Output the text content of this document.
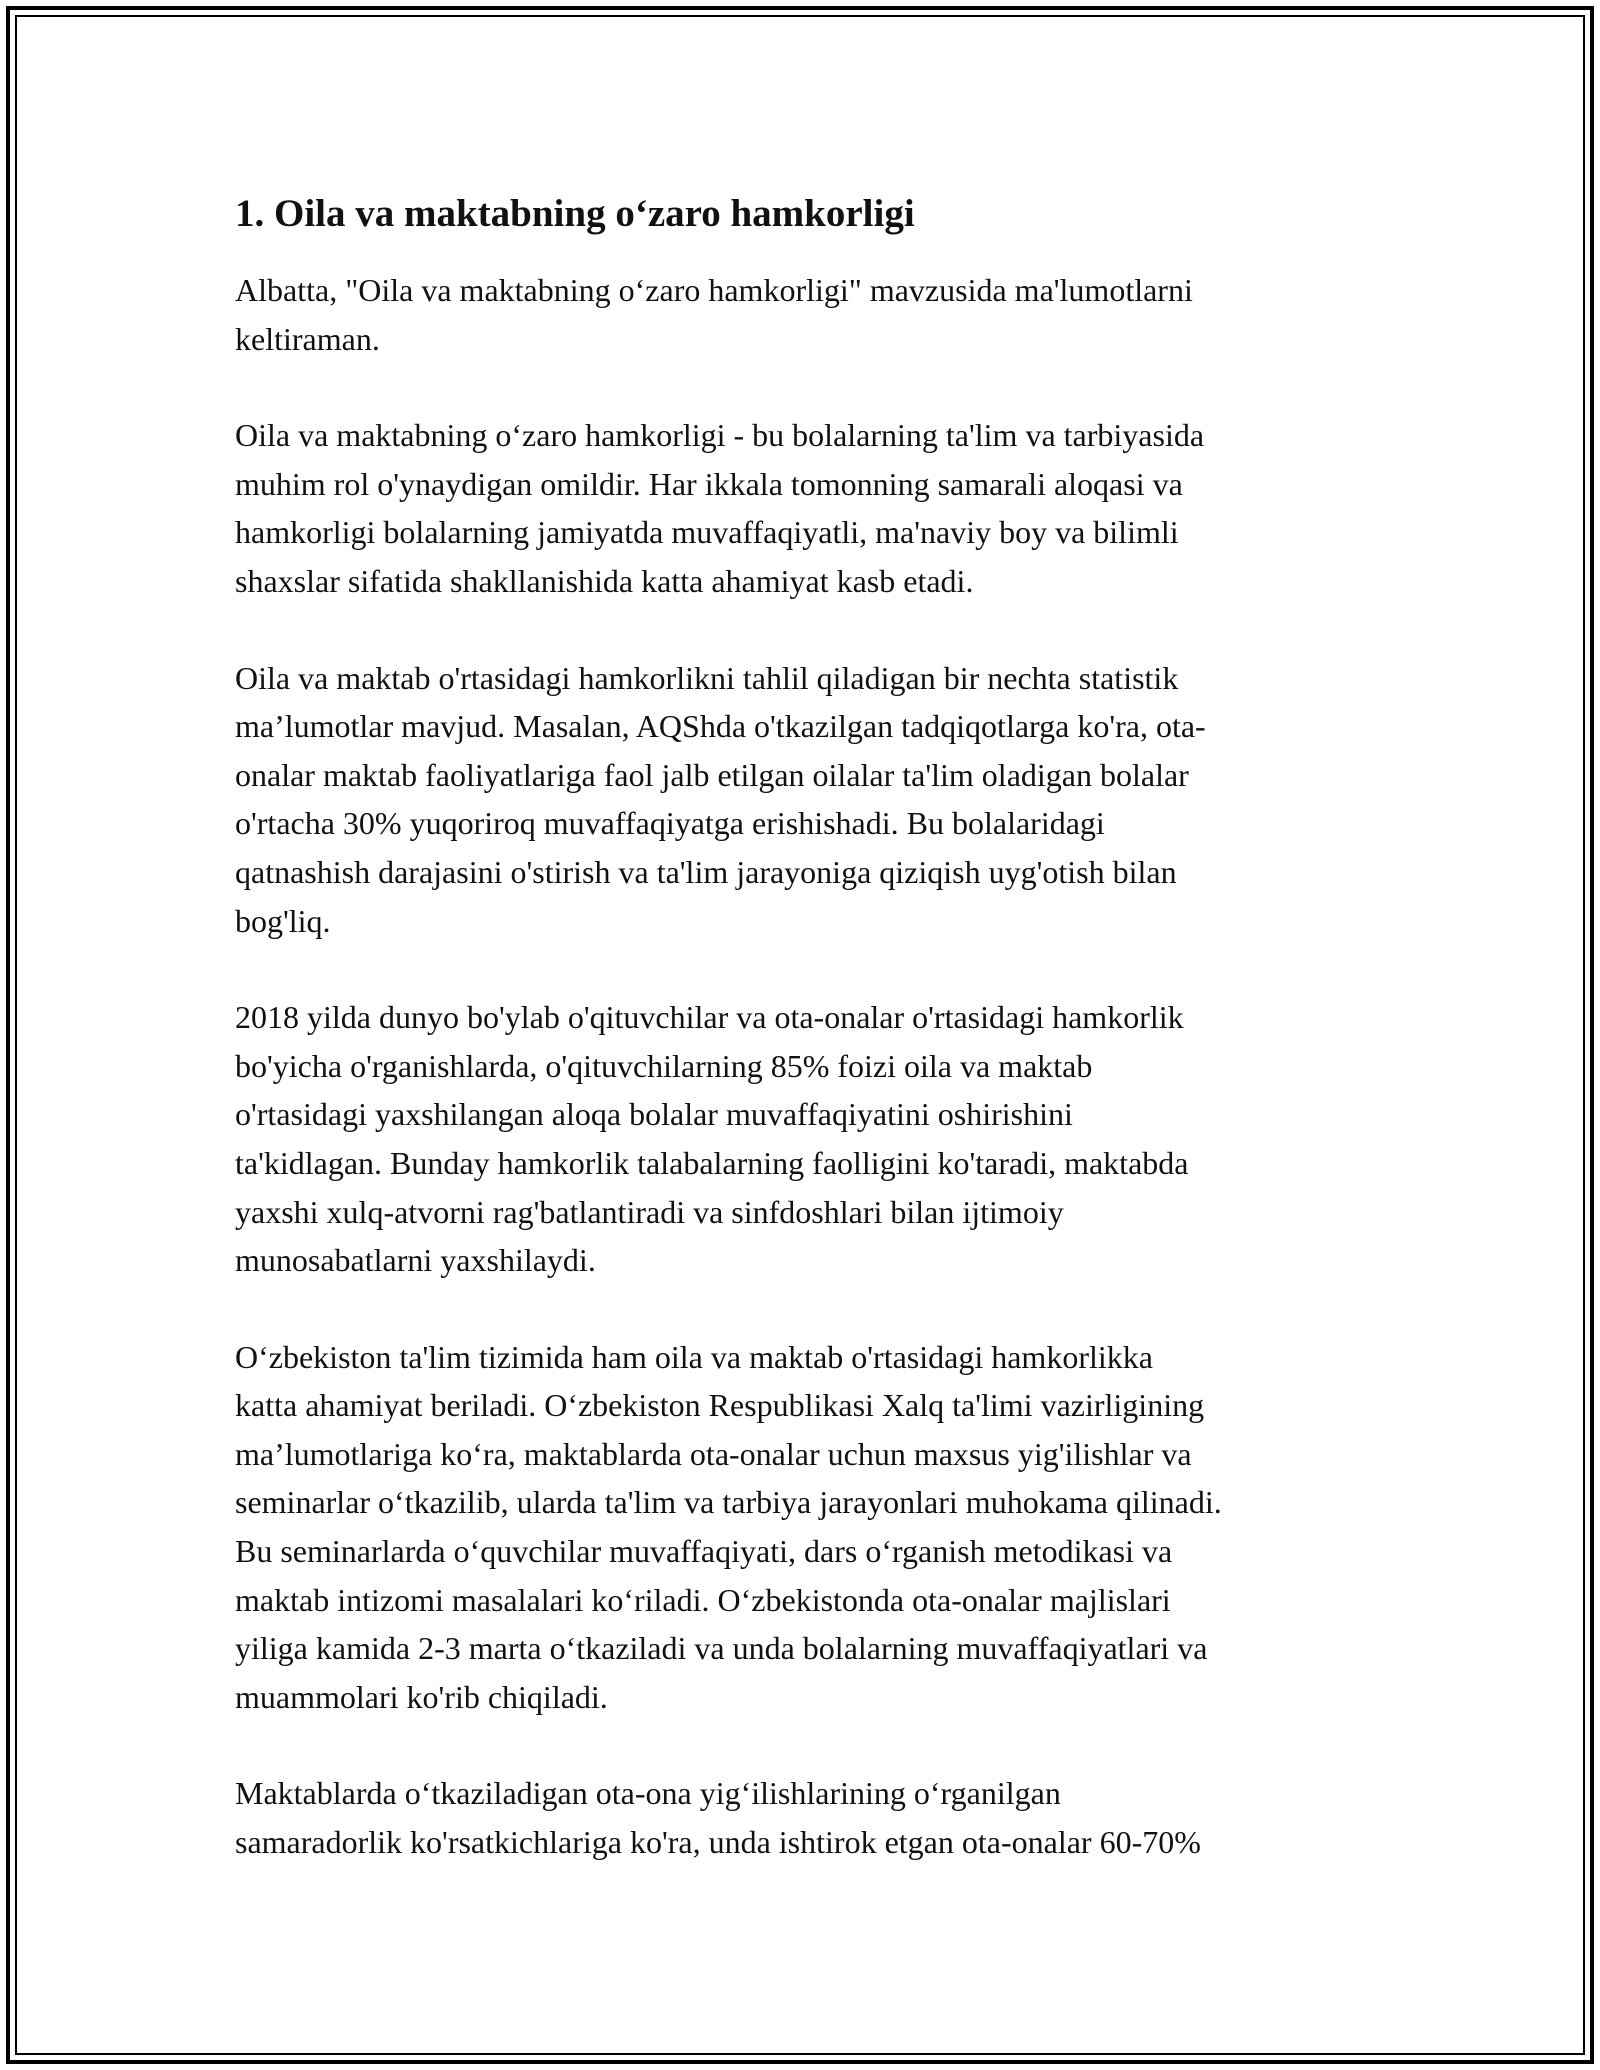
1. Oila va maktabning o‘zaro hamkorligi

Albatta, "Oila va maktabning o‘zaro hamkorligi" mavzusida ma'lumotlarni
keltiraman.

Oila va maktabning o‘zaro hamkorligi - bu bolalarning ta'lim va tarbiyasida
muhim rol o'ynaydigan omildir. Har ikkala tomonning samarali aloqasi va
hamkorligi bolalarning jamiyatda muvaffaqiyatli, ma'naviy boy va bilimli
shaxslar sifatida shakllanishida katta ahamiyat kasb etadi.

Oila va maktab o'rtasidagi hamkorlikni tahlil qiladigan bir nechta statistik
ma’lumotlar mavjud. Masalan, AQShda o'tkazilgan tadqiqotlarga ko'ra, ota-
onalar maktab faoliyatlariga faol jalb etilgan oilalar ta'lim oladigan bolalar
o'rtacha 30% yuqoriroq muvaffaqiyatga erishishadi. Bu bolalaridagi
qatnashish darajasini o'stirish va ta'lim jarayoniga qiziqish uyg'otish bilan
bog'liq.

2018 yilda dunyo bo'ylab o'qituvchilar va ota-onalar o'rtasidagi hamkorlik
bo'yicha o'rganishlarda, o'qituvchilarning 85% foizi oila va maktab
o'rtasidagi yaxshilangan aloqa bolalar muvaffaqiyatini oshirishini
ta'kidlagan. Bunday hamkorlik talabalarning faolligini ko'taradi, maktabda
yaxshi xulq-atvorni rag'batlantiradi va sinfdoshlari bilan ijtimoiy
munosabatlarni yaxshilaydi.

O‘zbekiston ta'lim tizimida ham oila va maktab o'rtasidagi hamkorlikka
katta ahamiyat beriladi. O‘zbekiston Respublikasi Xalq ta'limi vazirligining
ma’lumotlariga ko‘ra, maktablarda ota-onalar uchun maxsus yig'ilishlar va
seminarlar o‘tkazilib, ularda ta'lim va tarbiya jarayonlari muhokama qilinadi.
Bu seminarlarda o‘quvchilar muvaffaqiyati, dars o‘rganish metodikasi va
maktab intizomi masalalari ko‘riladi. O‘zbekistonda ota-onalar majlislari
yiliga kamida 2-3 marta o‘tkaziladi va unda bolalarning muvaffaqiyatlari va
muammolari ko'rib chiqiladi.

Maktablarda o‘tkaziladigan ota-ona yig‘ilishlarining o‘rganilgan
samaradorlik ko'rsatkichlariga ko'ra, unda ishtirok etgan ota-onalar 60-70%
